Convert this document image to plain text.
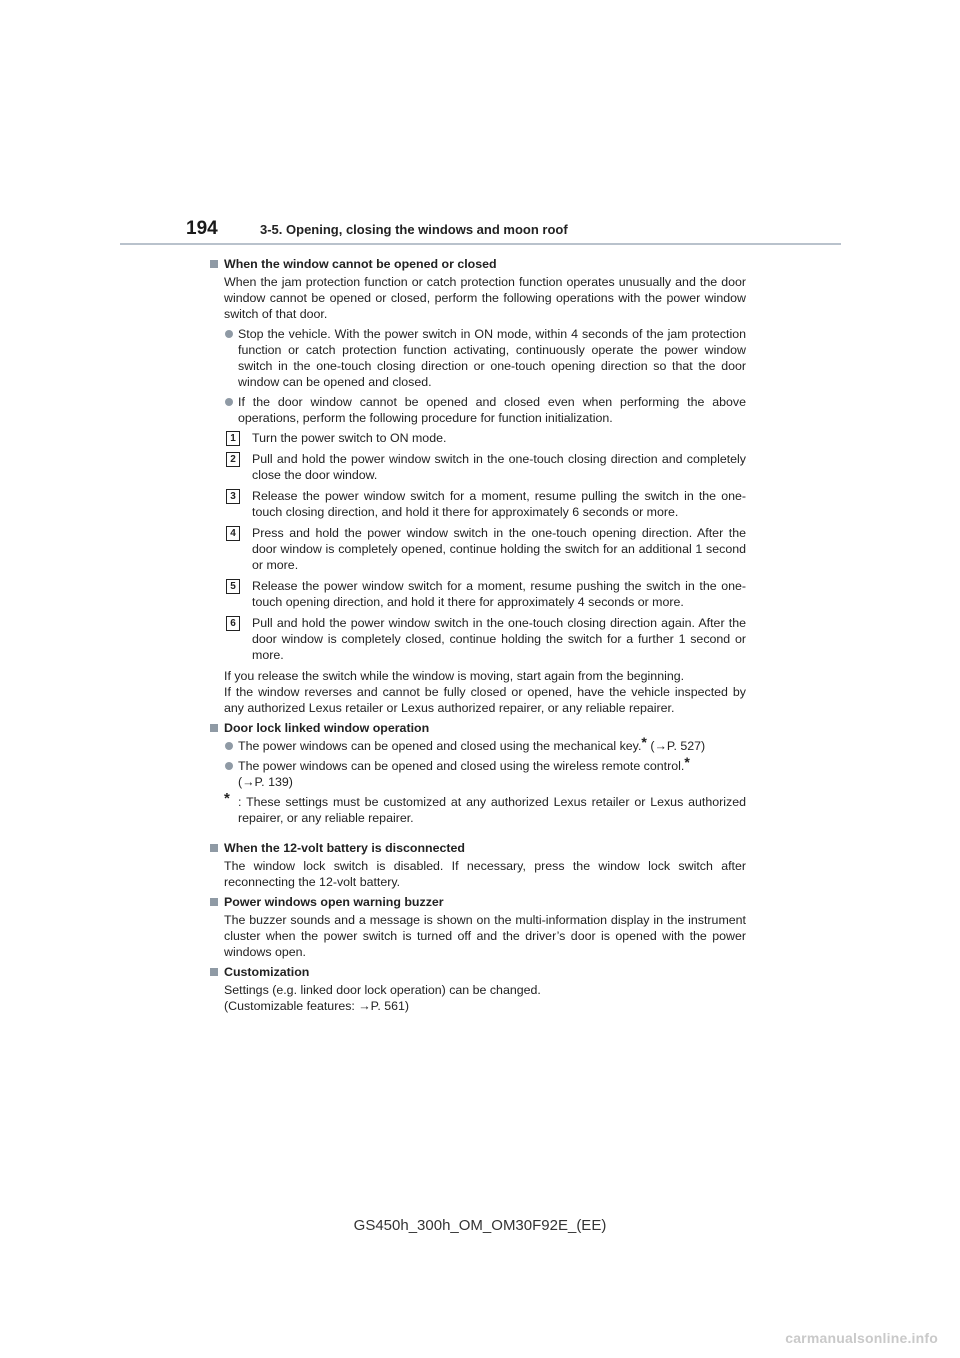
194	3-5. Opening, closing the windows and moon roof
When the window cannot be opened or closed

When the jam protection function or catch protection function operates unusually and the door window cannot be opened or closed, perform the following operations with the power window switch of that door.

Stop the vehicle. With the power switch in ON mode, within 4 seconds of the jam protection function or catch protection function activating, continuously operate the power window switch in the one-touch closing direction or one-touch opening direction so that the door window can be opened and closed.
If the door window cannot be opened and closed even when performing the above operations, perform the following procedure for function initialization.
1	Turn the power switch to ON mode.
2	Pull and hold the power window switch in the one-touch closing direction and completely close the door window.
3	Release the power window switch for a moment, resume pulling the switch in the one-touch closing direction, and hold it there for approximately 6 seconds or more.
4	Press and hold the power window switch in the one-touch opening direction. After the door window is completely opened, continue holding the switch for an additional 1 second or more.
5	Release the power window switch for a moment, resume pushing the switch in the one-touch opening direction, and hold it there for approximately 4 seconds or more.
6	Pull and hold the power window switch in the one-touch closing direction again. After the door window is completely closed, continue holding the switch for a further 1 second or more.

If you release the switch while the window is moving, start again from the beginning.

If the window reverses and cannot be fully closed or opened, have the vehicle inspected by any authorized Lexus retailer or Lexus authorized repairer, or any reliable repairer.

Door lock linked window operation
The power windows can be opened and closed using the mechanical key.* (→P. 527)
The power windows can be opened and closed using the wireless remote control.*
(→P. 139)
* : These settings must be customized at any authorized Lexus retailer or Lexus authorized repairer, or any reliable repairer.
When the 12-volt battery is disconnected

The window lock switch is disabled. If necessary, press the window lock switch after reconnecting the 12-volt battery.

Power windows open warning buzzer

The buzzer sounds and a message is shown on the multi-information display in the instrument cluster when the power switch is turned off and the driver’s door is opened with the power windows open.

Customization

Settings (e.g. linked door lock operation) can be changed.

(Customizable features: →P. 561)

GS450h_300h_OM_OM30F92E_(EE)
carmanualsonline.info
